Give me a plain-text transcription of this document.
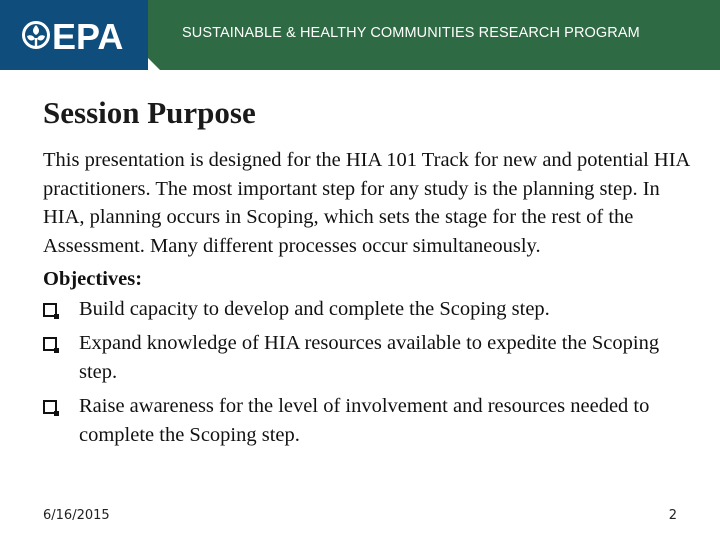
EPA	SUSTAINABLE & HEALTHY COMMUNITIES RESEARCH PROGRAM
Session Purpose

This presentation is designed for the HIA 101 Track for new and potential HIA practitioners. The most important step for any study is the planning step. In HIA, planning occurs in Scoping, which sets the stage for the rest of the Assessment. Many different processes occur simultaneously.

Objectives:

Build capacity to develop and complete the Scoping step.
Expand knowledge of HIA resources available to expedite the Scoping step.
Raise awareness for the level of involvement and resources needed to complete the Scoping step.
6/16/2015	2
